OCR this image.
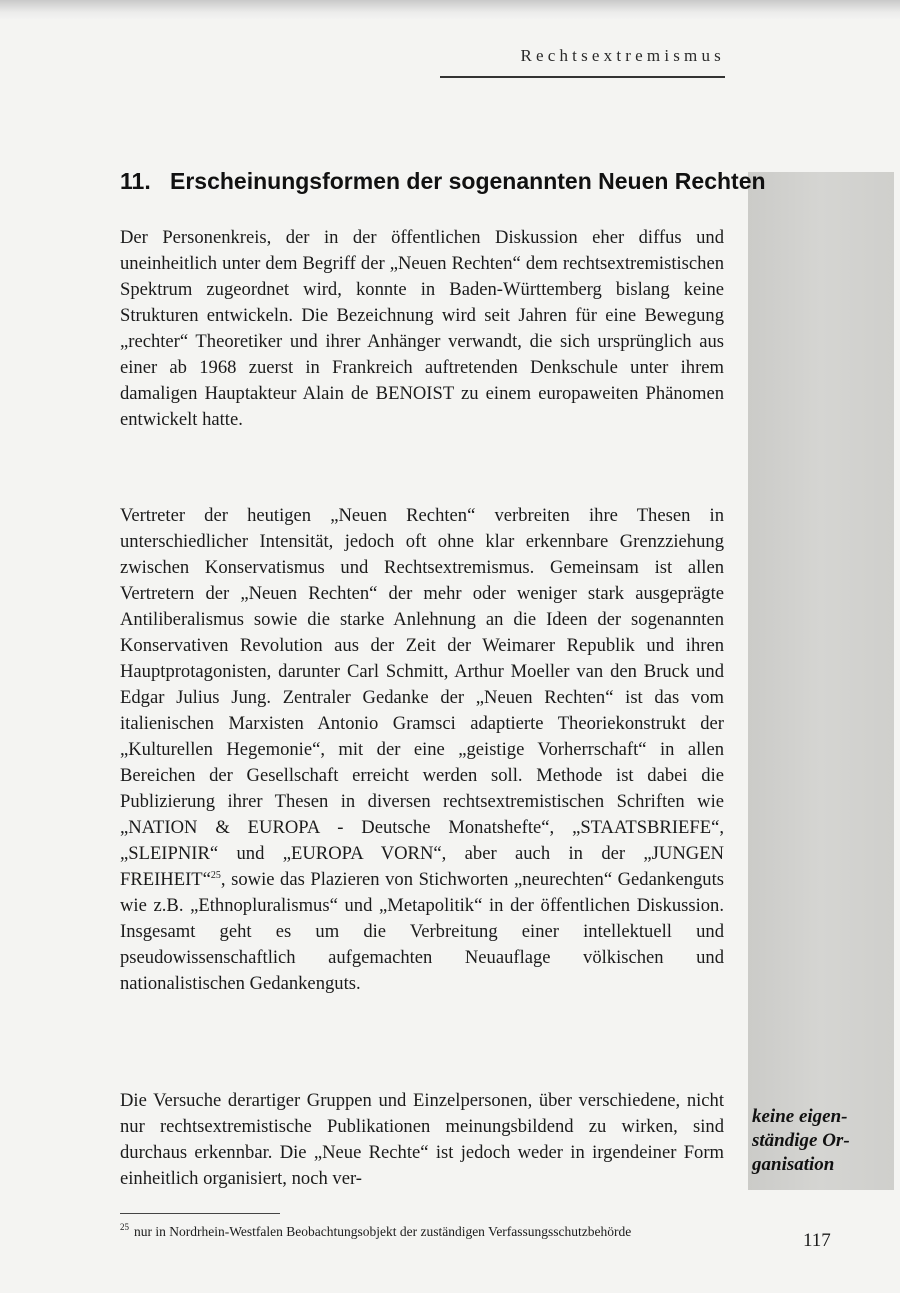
Rechtsextremismus
keine eigen-
ständige Or-
ganisation
11. Erscheinungsformen der sogenannten Neuen Rechten
Der Personenkreis, der in der öffentlichen Diskussion eher diffus und uneinheitlich unter dem Begriff der „Neuen Rechten“ dem rechtsextremistischen Spektrum zugeordnet wird, konnte in Baden-Württemberg bislang keine Strukturen entwickeln. Die Bezeichnung wird seit Jahren für eine Bewegung „rechter“ Theoretiker und ihrer Anhänger verwandt, die sich ursprünglich aus einer ab 1968 zuerst in Frankreich auftretenden Denkschule unter ihrem damaligen Hauptakteur Alain de BENOIST zu einem europaweiten Phänomen entwickelt hatte.
Vertreter der heutigen „Neuen Rechten“ verbreiten ihre Thesen in unterschiedlicher Intensität, jedoch oft ohne klar erkennbare Grenzziehung zwischen Konservatismus und Rechtsextremismus. Gemeinsam ist allen Vertretern der „Neuen Rechten“ der mehr oder weniger stark ausgeprägte Antiliberalismus sowie die starke Anlehnung an die Ideen der sogenannten Konservativen Revolution aus der Zeit der Weimarer Republik und ihren Hauptprotagonisten, darunter Carl Schmitt, Arthur Moeller van den Bruck und Edgar Julius Jung. Zentraler Gedanke der „Neuen Rechten“ ist das vom italienischen Marxisten Antonio Gramsci adaptierte Theoriekonstrukt der „Kulturellen Hegemonie“, mit der eine „geistige Vorherrschaft“ in allen Bereichen der Gesellschaft erreicht werden soll. Methode ist dabei die Publizierung ihrer Thesen in diversen rechtsextremistischen Schriften wie „NATION & EUROPA - Deutsche Monatshefte“, „STAATSBRIEFE“, „SLEIPNIR“ und „EUROPA VORN“, aber auch in der „JUNGEN FREIHEIT“$^{25}$, sowie das Plazieren von Stichworten „neurechten“ Gedankenguts wie z.B. „Ethnopluralismus“ und „Metapolitik“ in der öffentlichen Diskussion. Insgesamt geht es um die Verbreitung einer intellektuell und pseudowissenschaftlich aufgemachten Neuauflage völkischen und nationalistischen Gedankenguts.
Die Versuche derartiger Gruppen und Einzelpersonen, über verschiedene, nicht nur rechtsextremistische Publikationen meinungsbildend zu wirken, sind durchaus erkennbar. Die „Neue Rechte“ ist jedoch weder in irgendeiner Form einheitlich organisiert, noch ver-
25 nur in Nordrhein-Westfalen Beobachtungsobjekt der zuständigen Verfassungsschutzbehörde	117
